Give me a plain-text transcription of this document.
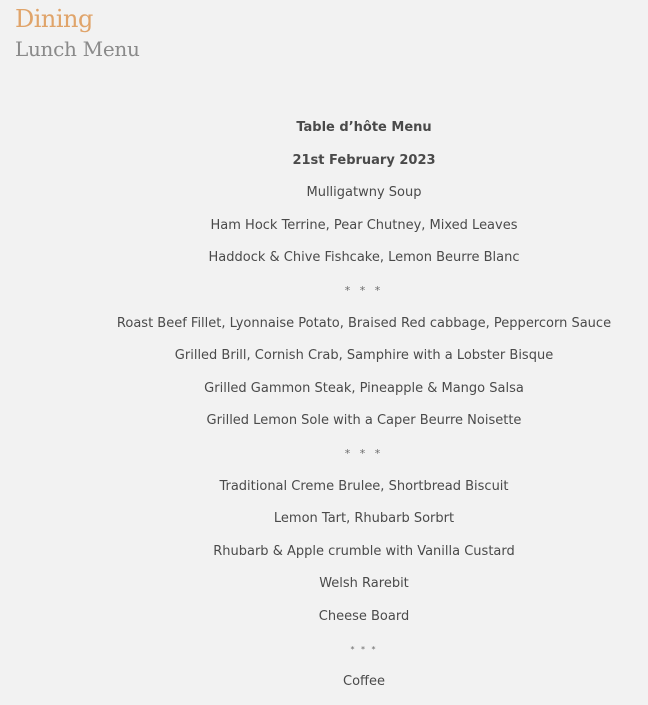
Dining
Lunch Menu
Table d’hôte Menu
21st February 2023
Mulligatwny Soup
Ham Hock Terrine, Pear Chutney, Mixed Leaves
Haddock & Chive Fishcake, Lemon Beurre Blanc
* * *
Roast Beef Fillet, Lyonnaise Potato, Braised Red cabbage, Peppercorn Sauce
Grilled Brill, Cornish Crab, Samphire with a Lobster Bisque
Grilled Gammon Steak, Pineapple & Mango Salsa
Grilled Lemon Sole with a Caper Beurre Noisette
* * *
Traditional Creme Brulee, Shortbread Biscuit
Lemon Tart, Rhubarb Sorbrt
Rhubarb & Apple crumble with Vanilla Custard
Welsh Rarebit
Cheese Board
* * *
Coffee
